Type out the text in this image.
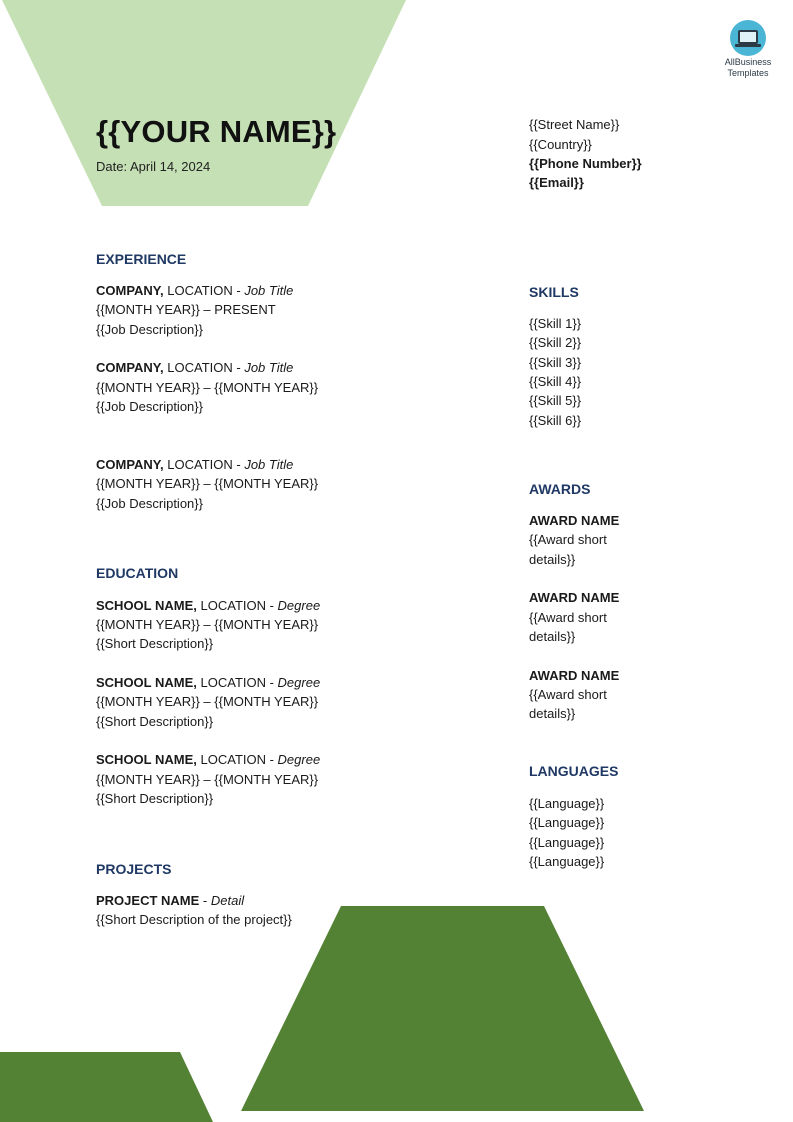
AllBusiness
Templates
{{YOUR NAME}}
Date: April 14, 2024
EXPERIENCE
COMPANY, LOCATION - Job Title
{{MONTH YEAR}} – PRESENT
{{Job Description}}
COMPANY, LOCATION - Job Title
{{MONTH YEAR}} – {{MONTH YEAR}}
{{Job Description}}
COMPANY, LOCATION - Job Title
{{MONTH YEAR}} – {{MONTH YEAR}}
{{Job Description}}
EDUCATION
SCHOOL NAME, LOCATION - Degree
{{MONTH YEAR}} – {{MONTH YEAR}}
{{Short Description}}
SCHOOL NAME, LOCATION - Degree
{{MONTH YEAR}} – {{MONTH YEAR}}
{{Short Description}}
SCHOOL NAME, LOCATION - Degree
{{MONTH YEAR}} – {{MONTH YEAR}}
{{Short Description}}
PROJECTS
PROJECT NAME - Detail
{{Short Description of the project}}
{{Street Name}}
{{Country}}
{{Phone Number}}
{{Email}}
SKILLS
{{Skill 1}}
{{Skill 2}}
{{Skill 3}}
{{Skill 4}}
{{Skill 5}}
{{Skill 6}}
AWARDS
AWARD NAME
{{Award short
details}}
AWARD NAME
{{Award short
details}}
AWARD NAME
{{Award short
details}}
LANGUAGES
{{Language}}
{{Language}}
{{Language}}
{{Language}}
